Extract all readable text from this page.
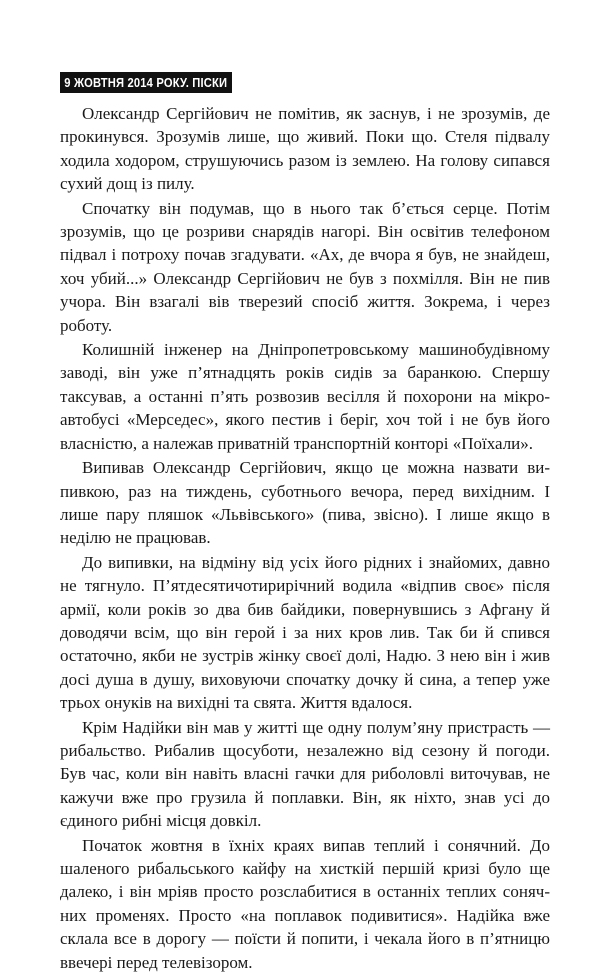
9 ЖОВТНЯ 2014 РОКУ. ПІСКИ

Олександр Сергійович не помітив, як заснув, і не зрозумів, де прокинувся. Зрозумів лише, що живий. Поки що. Стеля підвалу ходила ходором, струшуючись разом із землею. На голову сипався сухий дощ із пилу.

Спочатку він подумав, що в нього так б’ється серце. Потім зрозумів, що це розриви снарядів нагорі. Він освітив телефоном підвал і потроху почав згадувати. «Ах, де вчора я був, не знайдеш, хоч убий...» Олександр Сергійович не був з похмілля. Він не пив учора. Він взагалі вів тверезий спосіб життя. Зокрема, і через роботу.

Колишній інженер на Дніпропетровському машинобудівному заводі, він уже п’ятнадцять років сидів за баранкою. Спершу таксував, а останні п’ять розвозив весілля й похорони на мікроавтобусі «Мерседес», якого пестив і беріг, хоч той і не був його власністю, а належав приватній транспортній конторі «Поїхали».

Випивав Олександр Сергійович, якщо це можна назвати випивкою, раз на тиждень, суботнього вечора, перед вихідним. І лише пару пляшок «Львівського» (пива, звісно). І лише якщо в неділю не працював.

До випивки, на відміну від усіх його рідних і знайомих, давно не тягнуло. П’ятдесятичотирирічний водила «відпив своє» після армії, коли років зо два бив байдики, повернувшись з Афгану й доводячи всім, що він герой і за них кров лив. Так би й спився остаточно, якби не зустрів жінку своєї долі, Надю. З нею він і жив досі душа в душу, виховуючи спочатку дочку й сина, а тепер уже трьох онуків на вихідні та свята. Життя вдалося.

Крім Надійки він мав у житті ще одну полум’яну пристрасть — рибальство. Рибалив щосуботи, незалежно від сезону й погоди. Був час, коли він навіть власні гачки для риболовлі виточував, не кажучи вже про грузила й поплавки. Він, як ніхто, знав усі до єдиного рибні місця довкіл.

Початок жовтня в їхніх краях випав теплий і сонячний. До шаленого рибальського кайфу на хисткій першій кризі було ще далеко, і він мріяв просто розслабитися в останніх теплих сонячних променях. Просто «на поплавок подивитися». Надійка вже склала все в дорогу — поїсти й попити, і чекала його в п’ятницю ввечері перед телевізором.
